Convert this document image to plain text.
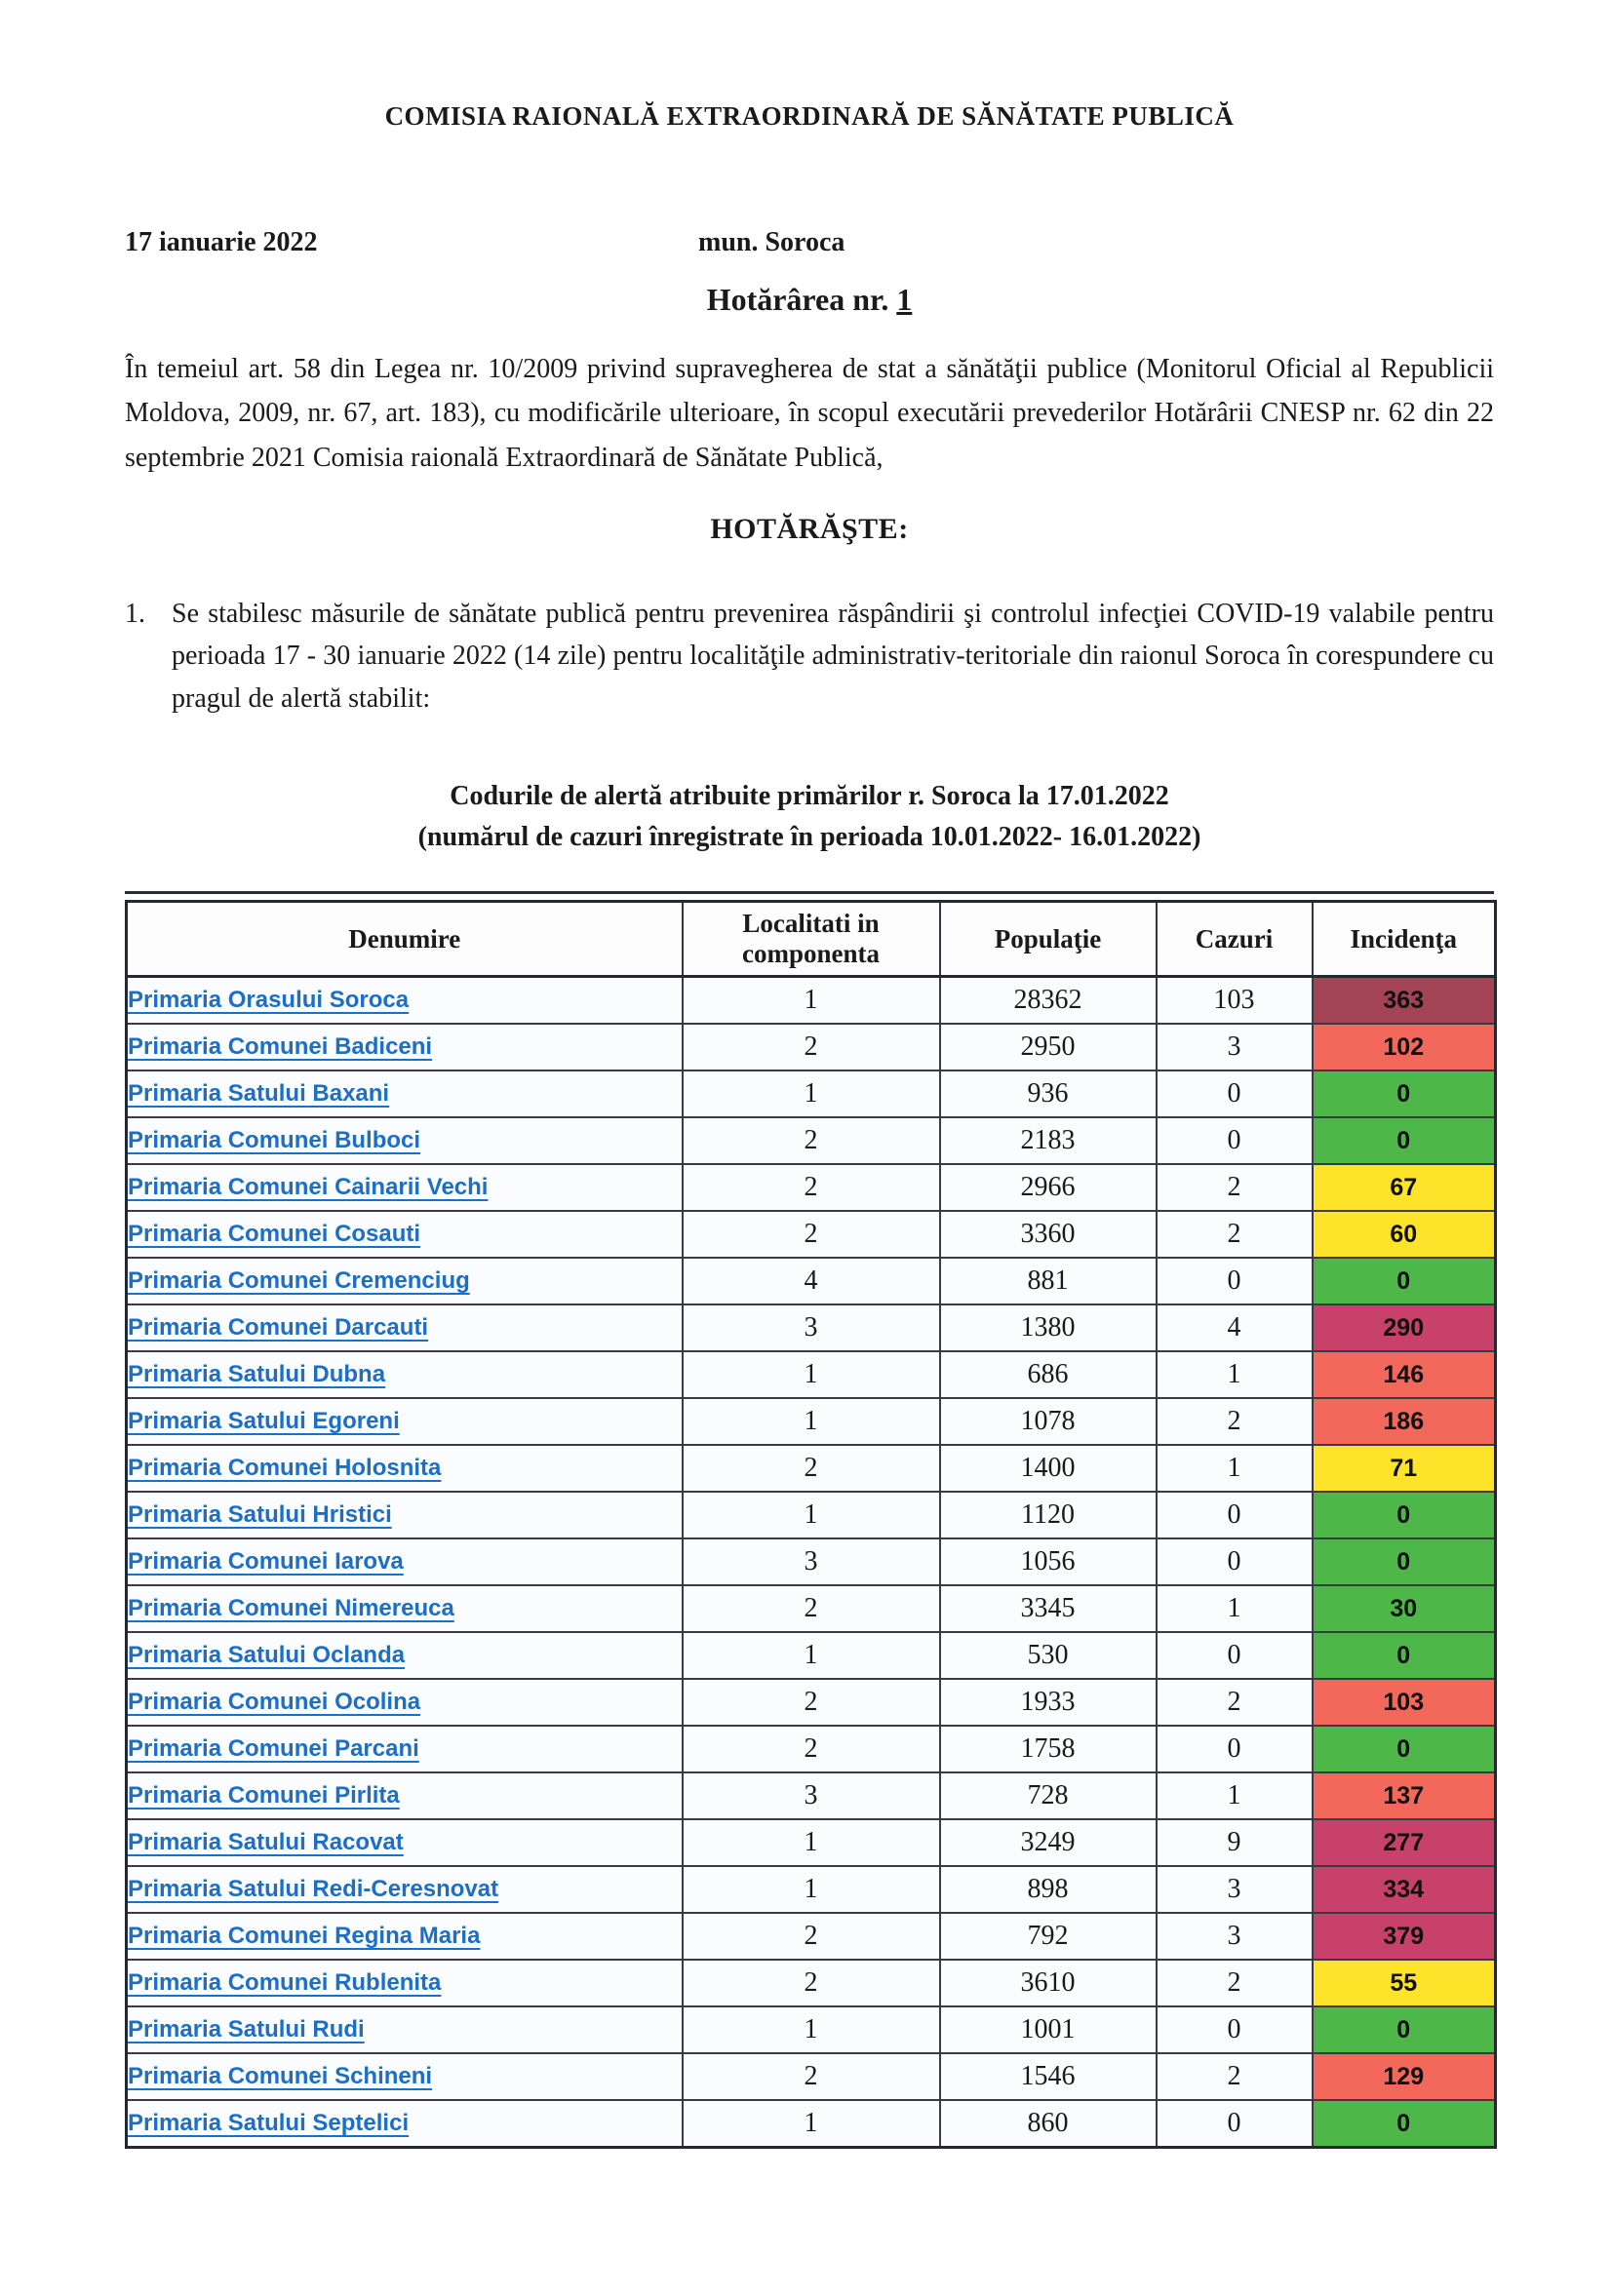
COMISIA RAIONALĂ EXTRAORDINARĂ DE SĂNĂTATE PUBLICĂ
17 ianuarie 2022	mun. Soroca
Hotărârea nr. 1

În temeiul art. 58 din Legea nr. 10/2009 privind supravegherea de stat a sănătăţii publice (Monitorul Oficial al Republicii Moldova, 2009, nr. 67, art. 183), cu modificările ulterioare, în scopul executării prevederilor Hotărârii CNESP nr. 62 din 22 septembrie 2021 Comisia raională Extraordinară de Sănătate Publică,

HOTĂRĂŞTE:
1. Se stabilesc măsurile de sănătate publică pentru prevenirea răspândirii şi controlul infecţiei COVID-19 valabile pentru perioada 17 - 30 ianuarie 2022 (14 zile) pentru localităţile administrativ-teritoriale din raionul Soroca în corespundere cu pragul de alertă stabilit:
Codurile de alertă atribuite primărilor r. Soroca la 17.01.2022
(numărul de cazuri înregistrate în perioada 10.01.2022- 16.01.2022)
Denumire	Localitati in componenta	Populaţie	Cazuri	Incidenţa
Primaria Orasului Soroca	1	28362	103	363
Primaria Comunei Badiceni	2	2950	3	102
Primaria Satului Baxani	1	936	0	0
Primaria Comunei Bulboci	2	2183	0	0
Primaria Comunei Cainarii Vechi	2	2966	2	67
Primaria Comunei Cosauti	2	3360	2	60
Primaria Comunei Cremenciug	4	881	0	0
Primaria Comunei Darcauti	3	1380	4	290
Primaria Satului Dubna	1	686	1	146
Primaria Satului Egoreni	1	1078	2	186
Primaria Comunei Holosnita	2	1400	1	71
Primaria Satului Hristici	1	1120	0	0
Primaria Comunei Iarova	3	1056	0	0
Primaria Comunei Nimereuca	2	3345	1	30
Primaria Satului Oclanda	1	530	0	0
Primaria Comunei Ocolina	2	1933	2	103
Primaria Comunei Parcani	2	1758	0	0
Primaria Comunei Pirlita	3	728	1	137
Primaria Satului Racovat	1	3249	9	277
Primaria Satului Redi-Ceresnovat	1	898	3	334
Primaria Comunei Regina Maria	2	792	3	379
Primaria Comunei Rublenita	2	3610	2	55
Primaria Satului Rudi	1	1001	0	0
Primaria Comunei Schineni	2	1546	2	129
Primaria Satului Septelici	1	860	0	0
